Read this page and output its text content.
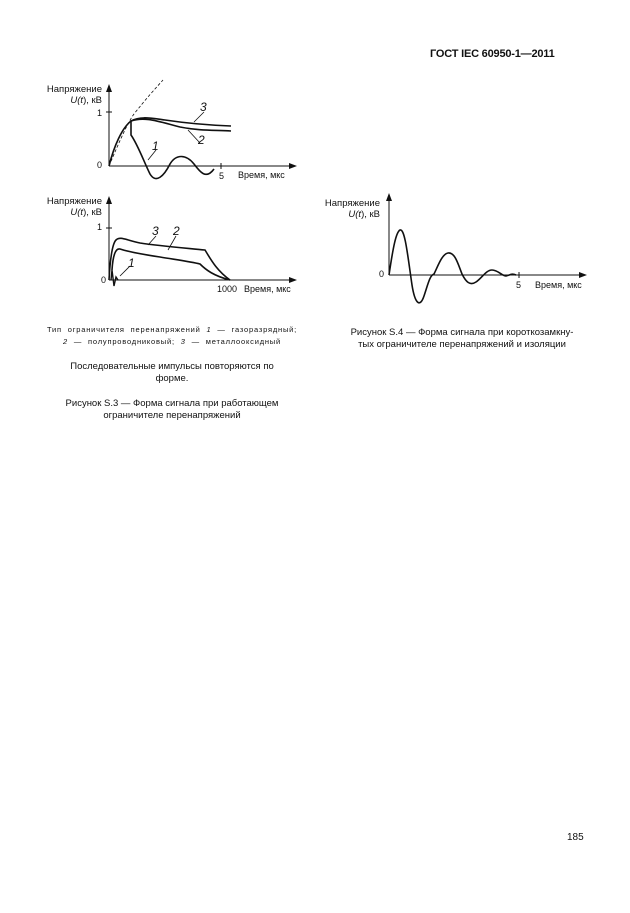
ГОСТ IEC 60950-1—2011
Напряжение
U(t), кВ
1
0
5 Время, мкс
3
2
1
Напряжение
U(t), кВ
1
0
1000 Время, мкс
3 2
1
Тип ограничителя перенапряжений 1 — газоразрядный;
2 — полупроводниковый; 3 — металлооксидный
Последовательные импульсы повторяются по
форме.
Рисунок S.3 — Форма сигнала при работающем
ограничителе перенапряжений
Напряжение
U(t), кВ
0
5 Время, мкс
Рисунок S.4 — Форма сигнала при короткозамкну-
тых ограничителе перенапряжений и изоляции
185
